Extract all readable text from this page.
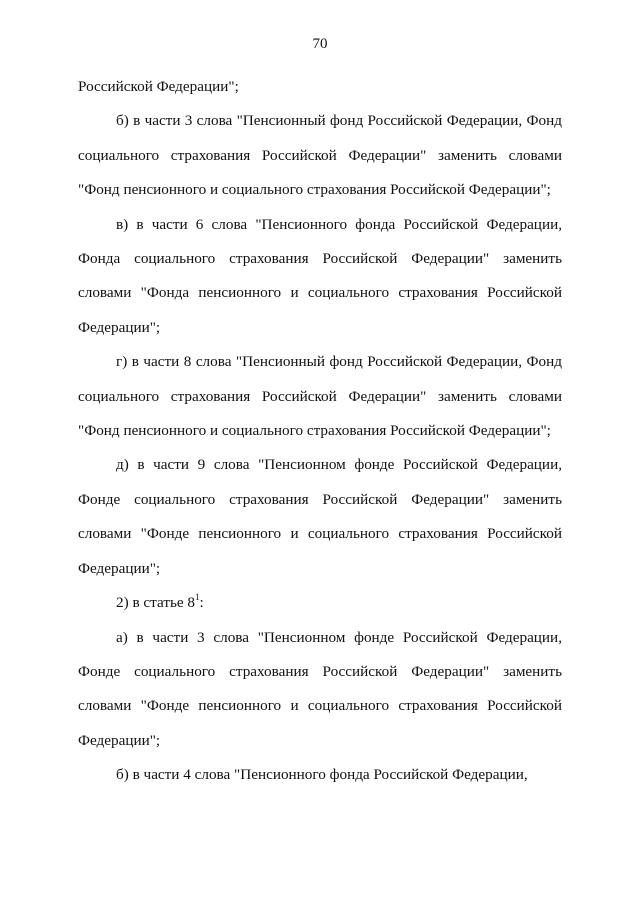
70

Российской Федерации";

б) в части 3 слова "Пенсионный фонд Российской Федерации, Фонд социального страхования Российской Федерации" заменить словами "Фонд пенсионного и социального страхования Российской Федерации";

в) в части 6 слова "Пенсионного фонда Российской Федерации, Фонда социального страхования Российской Федерации" заменить словами "Фонда пенсионного и социального страхования Российской Федерации";

г) в части 8 слова "Пенсионный фонд Российской Федерации, Фонд социального страхования Российской Федерации" заменить словами "Фонд пенсионного и социального страхования Российской Федерации";

д) в части 9 слова "Пенсионном фонде Российской Федерации, Фонде социального страхования Российской Федерации" заменить словами "Фонде пенсионного и социального страхования Российской Федерации";

2) в статье $8^1$:

а) в части 3 слова "Пенсионном фонде Российской Федерации, Фонде социального страхования Российской Федерации" заменить словами "Фонде пенсионного и социального страхования Российской Федерации";

б) в части 4 слова "Пенсионного фонда Российской Федерации,
